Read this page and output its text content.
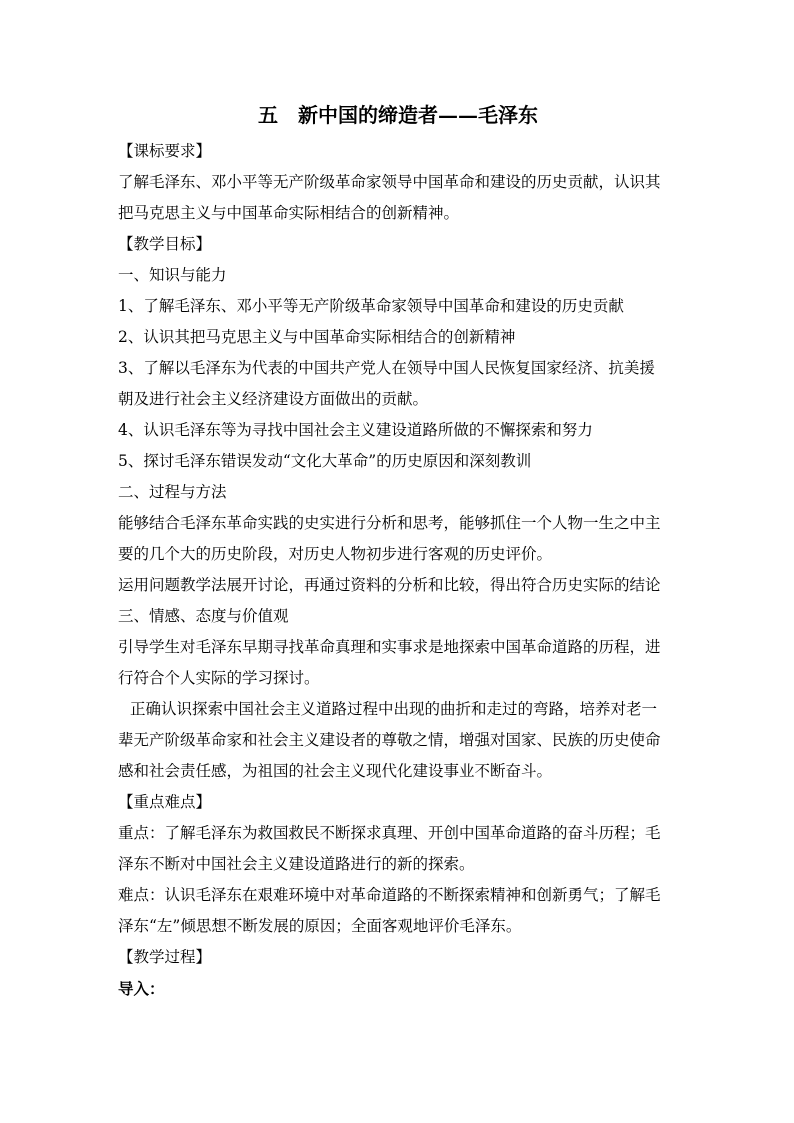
五　新中国的缔造者——毛泽东
【课标要求】
了解毛泽东、邓小平等无产阶级革命家领导中国革命和建设的历史贡献，认识其
把马克思主义与中国革命实际相结合的创新精神。
【教学目标】
一、知识与能力
1、了解毛泽东、邓小平等无产阶级革命家领导中国革命和建设的历史贡献
2、认识其把马克思主义与中国革命实际相结合的创新精神
3、了解以毛泽东为代表的中国共产党人在领导中国人民恢复国家经济、抗美援
朝及进行社会主义经济建设方面做出的贡献。
4、认识毛泽东等为寻找中国社会主义建设道路所做的不懈探索和努力
5、探讨毛泽东错误发动“文化大革命”的历史原因和深刻教训
二、过程与方法
能够结合毛泽东革命实践的史实进行分析和思考，能够抓住一个人物一生之中主
要的几个大的历史阶段，对历史人物初步进行客观的历史评价。
运用问题教学法展开讨论，再通过资料的分析和比较，得出符合历史实际的结论
三、情感、态度与价值观
引导学生对毛泽东早期寻找革命真理和实事求是地探索中国革命道路的历程，进
行符合个人实际的学习探讨。
正确认识探索中国社会主义道路过程中出现的曲折和走过的弯路，培养对老一
辈无产阶级革命家和社会主义建设者的尊敬之情，增强对国家、民族的历史使命
感和社会责任感，为祖国的社会主义现代化建设事业不断奋斗。
【重点难点】
重点：了解毛泽东为救国救民不断探求真理、开创中国革命道路的奋斗历程；毛
泽东不断对中国社会主义建设道路进行的新的探索。
难点：认识毛泽东在艰难环境中对革命道路的不断探索精神和创新勇气；了解毛
泽东“左”倾思想不断发展的原因；全面客观地评价毛泽东。
【教学过程】
导入：
